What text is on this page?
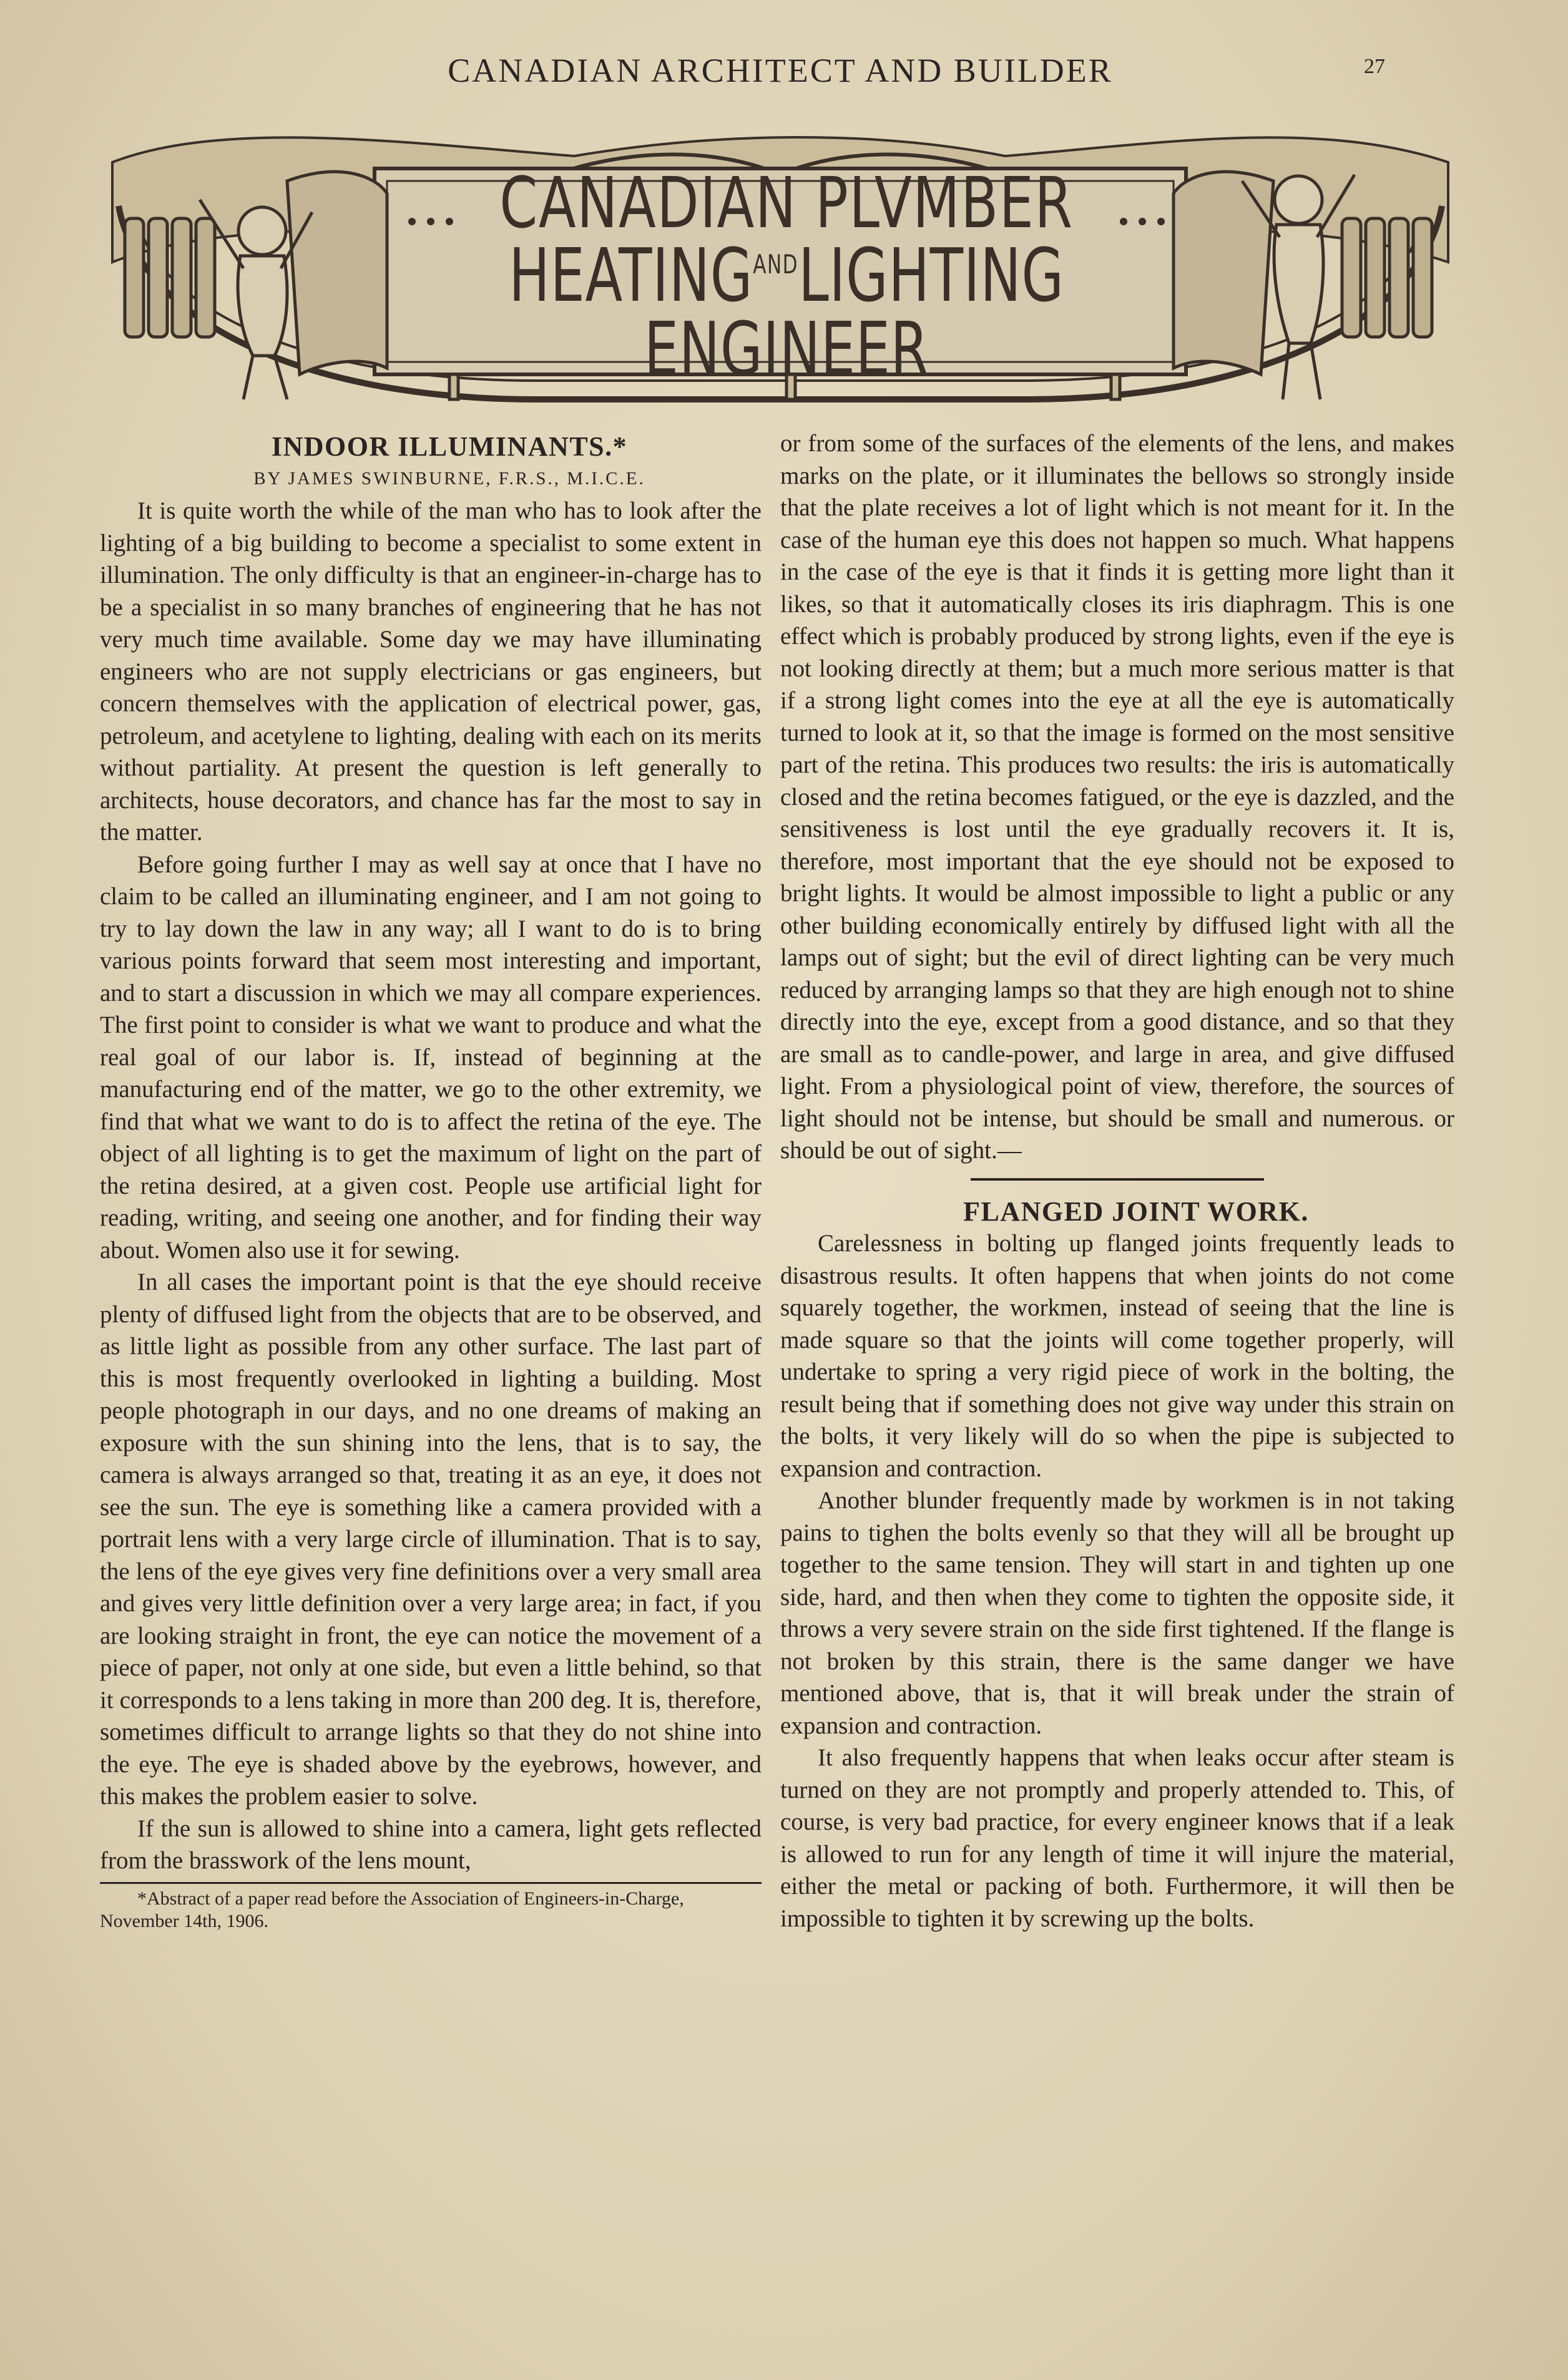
CANADIAN ARCHITECT AND BUILDER	27
CANADIAN PLVMBER
$HEATING^{AND}LIGHTING$ ENGINEER

INDOOR ILLUMINANTS.*

BY JAMES SWINBURNE, F.R.S., M.I.C.E.

It is quite worth the while of the man who has to look after the lighting of a big building to become a specialist to some extent in illumination. The only difficulty is that an engineer-in-charge has to be a specialist in so many branches of engineering that he has not very much time available. Some day we may have illuminating engineers who are not supply electricians or gas engineers, but concern themselves with the application of electrical power, gas, petroleum, and acetylene to lighting, dealing with each on its merits without partiality. At present the question is left generally to architects, house decorators, and chance has far the most to say in the matter.

Before going further I may as well say at once that I have no claim to be called an illuminating engineer, and I am not going to try to lay down the law in any way; all I want to do is to bring various points forward that seem most interesting and important, and to start a discussion in which we may all compare experiences. The first point to consider is what we want to produce and what the real goal of our labor is. If, instead of beginning at the manufacturing end of the matter, we go to the other extremity, we find that what we want to do is to affect the retina of the eye. The object of all lighting is to get the maximum of light on the part of the retina desired, at a given cost. People use artificial light for reading, writing, and seeing one another, and for finding their way about. Women also use it for sewing.

In all cases the important point is that the eye should receive plenty of diffused light from the objects that are to be observed, and as little light as possible from any other surface. The last part of this is most frequently overlooked in lighting a building. Most people photograph in our days, and no one dreams of making an exposure with the sun shining into the lens, that is to say, the camera is always arranged so that, treating it as an eye, it does not see the sun. The eye is something like a camera provided with a portrait lens with a very large circle of illumination. That is to say, the lens of the eye gives very fine definitions over a very small area and gives very little definition over a very large area; in fact, if you are looking straight in front, the eye can notice the movement of a piece of paper, not only at one side, but even a little behind, so that it corresponds to a lens taking in more than 200 deg. It is, therefore, sometimes difficult to arrange lights so that they do not shine into the eye. The eye is shaded above by the eyebrows, however, and this makes the problem easier to solve.

If the sun is allowed to shine into a camera, light gets reflected from the brasswork of the lens mount,

*Abstract of a paper read before the Association of Engineers-in-Charge, November 14th, 1906.

or from some of the surfaces of the elements of the lens, and makes marks on the plate, or it illuminates the bellows so strongly inside that the plate receives a lot of light which is not meant for it. In the case of the human eye this does not happen so much. What happens in the case of the eye is that it finds it is getting more light than it likes, so that it automatically closes its iris diaphragm. This is one effect which is probably produced by strong lights, even if the eye is not looking directly at them; but a much more serious matter is that if a strong light comes into the eye at all the eye is automatically turned to look at it, so that the image is formed on the most sensitive part of the retina. This produces two results: the iris is automatically closed and the retina becomes fatigued, or the eye is dazzled, and the sensitiveness is lost until the eye gradually recovers it. It is, therefore, most important that the eye should not be exposed to bright lights. It would be almost impossible to light a public or any other building economically entirely by diffused light with all the lamps out of sight; but the evil of direct lighting can be very much reduced by arranging lamps so that they are high enough not to shine directly into the eye, except from a good distance, and so that they are small as to candle-power, and large in area, and give diffused light. From a physiological point of view, therefore, the sources of light should not be intense, but should be small and numerous. or should be out of sight.—

FLANGED JOINT WORK.

Carelessness in bolting up flanged joints frequently leads to disastrous results. It often happens that when joints do not come squarely together, the workmen, instead of seeing that the line is made square so that the joints will come together properly, will undertake to spring a very rigid piece of work in the bolting, the result being that if something does not give way under this strain on the bolts, it very likely will do so when the pipe is subjected to expansion and contraction.

Another blunder frequently made by workmen is in not taking pains to tighen the bolts evenly so that they will all be brought up together to the same tension. They will start in and tighten up one side, hard, and then when they come to tighten the opposite side, it throws a very severe strain on the side first tightened. If the flange is not broken by this strain, there is the same danger we have mentioned above, that is, that it will break under the strain of expansion and contraction.

It also frequently happens that when leaks occur after steam is turned on they are not promptly and properly attended to. This, of course, is very bad practice, for every engineer knows that if a leak is allowed to run for any length of time it will injure the material, either the metal or packing of both. Furthermore, it will then be impossible to tighten it by screwing up the bolts.
